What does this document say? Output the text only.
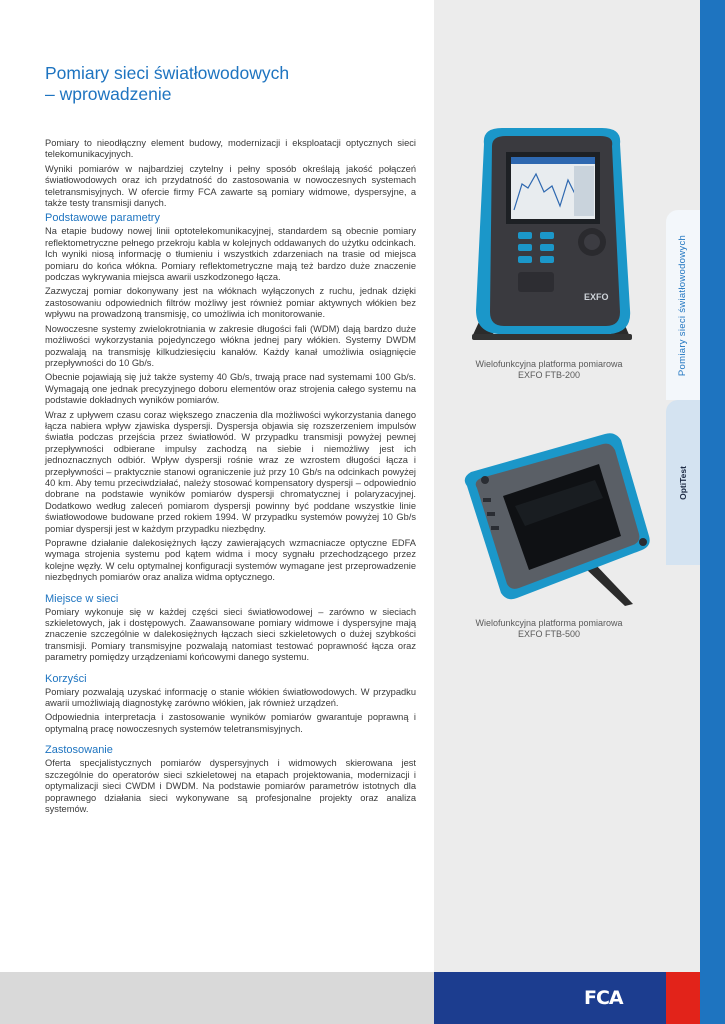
Pomiary sieci światłowodowych
OptiTest
Pomiary sieci światłowodowych
– wprowadzenie

Pomiary to nieodłączny element budowy, modernizacji i eksploatacji optycznych sieci telekomunikacyjnych.

Wyniki pomiarów w najbardziej czytelny i pełny sposób określają jakość połączeń światłowodowych oraz ich przydatność do zastosowania w nowoczesnych systemach teletransmisyjnych. W ofercie firmy FCA zawarte są pomiary widmowe, dyspersyjne, a także testy transmisji danych.

Podstawowe parametry

Na etapie budowy nowej linii optotelekomunikacyjnej, standardem są obecnie pomiary reflektometryczne pełnego przekroju kabla w kolejnych oddawanych do użytku odcinkach. Ich wyniki niosą informację o tłumieniu i wszystkich zdarzeniach na trasie od miejsca pomiaru do końca włókna. Pomiary reflektometryczne mają też bardzo duże znaczenie podczas wykrywania miejsca awarii uszkodzonego łącza.

Zazwyczaj pomiar dokonywany jest na włóknach wyłączonych z ruchu, jednak dzięki zastosowaniu odpowiednich filtrów możliwy jest również pomiar aktywnych włókien bez wpływu na prowadzoną transmisję, co umożliwia ich monitorowanie.

Nowoczesne systemy zwielokrotniania w zakresie długości fali (WDM) dają bardzo duże możliwości wykorzystania pojedynczego włókna jednej pary włókien. Systemy DWDM pozwalają na transmisję kilkudziesięciu kanałów. Każdy kanał umożliwia osiągnięcie przepływności do 10 Gb/s.

Obecnie pojawiają się już także systemy 40 Gb/s, trwają prace nad systemami 100 Gb/s. Wymagają one jednak precyzyjnego doboru elementów oraz strojenia całego systemu na podstawie dokładnych wyników pomiarów.

Wraz z upływem czasu coraz większego znaczenia dla możliwości wykorzystania danego łącza nabiera wpływ zjawiska dyspersji. Dyspersja objawia się rozszerzeniem impulsów światła podczas przejścia przez światłowód. W przypadku transmisji powyżej pewnej przepływności odbierane impulsy zachodzą na siebie i niemożliwy jest ich jednoznacznych odbiór. Wpływ dyspersji rośnie wraz ze wzrostem długości łącza i przepływności – praktycznie stanowi ograniczenie już przy 10 Gb/s na odcinkach powyżej 40 km. Aby temu przeciwdziałać, należy stosować kompensatory dyspersji – odpowiednio dobrane na podstawie wyników pomiarów dyspersji chromatycznej i polaryzacyjnej. Dodatkowo według zaleceń pomiarom dyspersji powinny być poddane wszystkie linie światłowodowe budowane przed rokiem 1994. W przypadku systemów powyżej 10 Gb/s pomiar dyspersji jest w każdym przypadku niezbędny.

Poprawne działanie dalekosiężnych łączy zawierających wzmacniacze optyczne EDFA wymaga strojenia systemu pod kątem widma i mocy sygnału przechodzącego przez kolejne węzły. W celu optymalnej konfiguracji systemów wymagane jest przeprowadzenie niezbędnych pomiarów oraz analiza widma optycznego.

Miejsce w sieci

Pomiary wykonuje się w każdej części sieci światłowodowej – zarówno w sieciach szkieletowych, jak i dostępowych. Zaawansowane pomiary widmowe i dyspersyjne mają znaczenie szczególnie w dalekosiężnych łączach sieci szkieletowych o dużej szybkości transmisji. Pomiary transmisyjne pozwalają natomiast testować poprawność łącza oraz parametry pomiędzy urządzeniami końcowymi danego systemu.

Korzyści

Pomiary pozwalają uzyskać informację o stanie włókien światłowodowych. W przypadku awarii umożliwiają diagnostykę zarówno włókien, jak również urządzeń.

Odpowiednia interpretacja i zastosowanie wyników pomiarów gwarantuje poprawną i optymalną pracę nowoczesnych systemów teletransmisyjnych.

Zastosowanie

Oferta specjalistycznych pomiarów dyspersyjnych i widmowych skierowana jest szczególnie do operatorów sieci szkieletowej na etapach projektowania, modernizacji i optymalizacji sieci CWDM i DWDM. Na podstawie pomiarów parametrów istotnych dla poprawnego działania sieci wykonywane są profesjonalne projekty oraz analiza systemów.

EXFO
Wielofunkcyjna platforma pomiarowa
EXFO FTB-200
Wielofunkcyjna platforma pomiarowa
EXFO FTB-500
FCA
